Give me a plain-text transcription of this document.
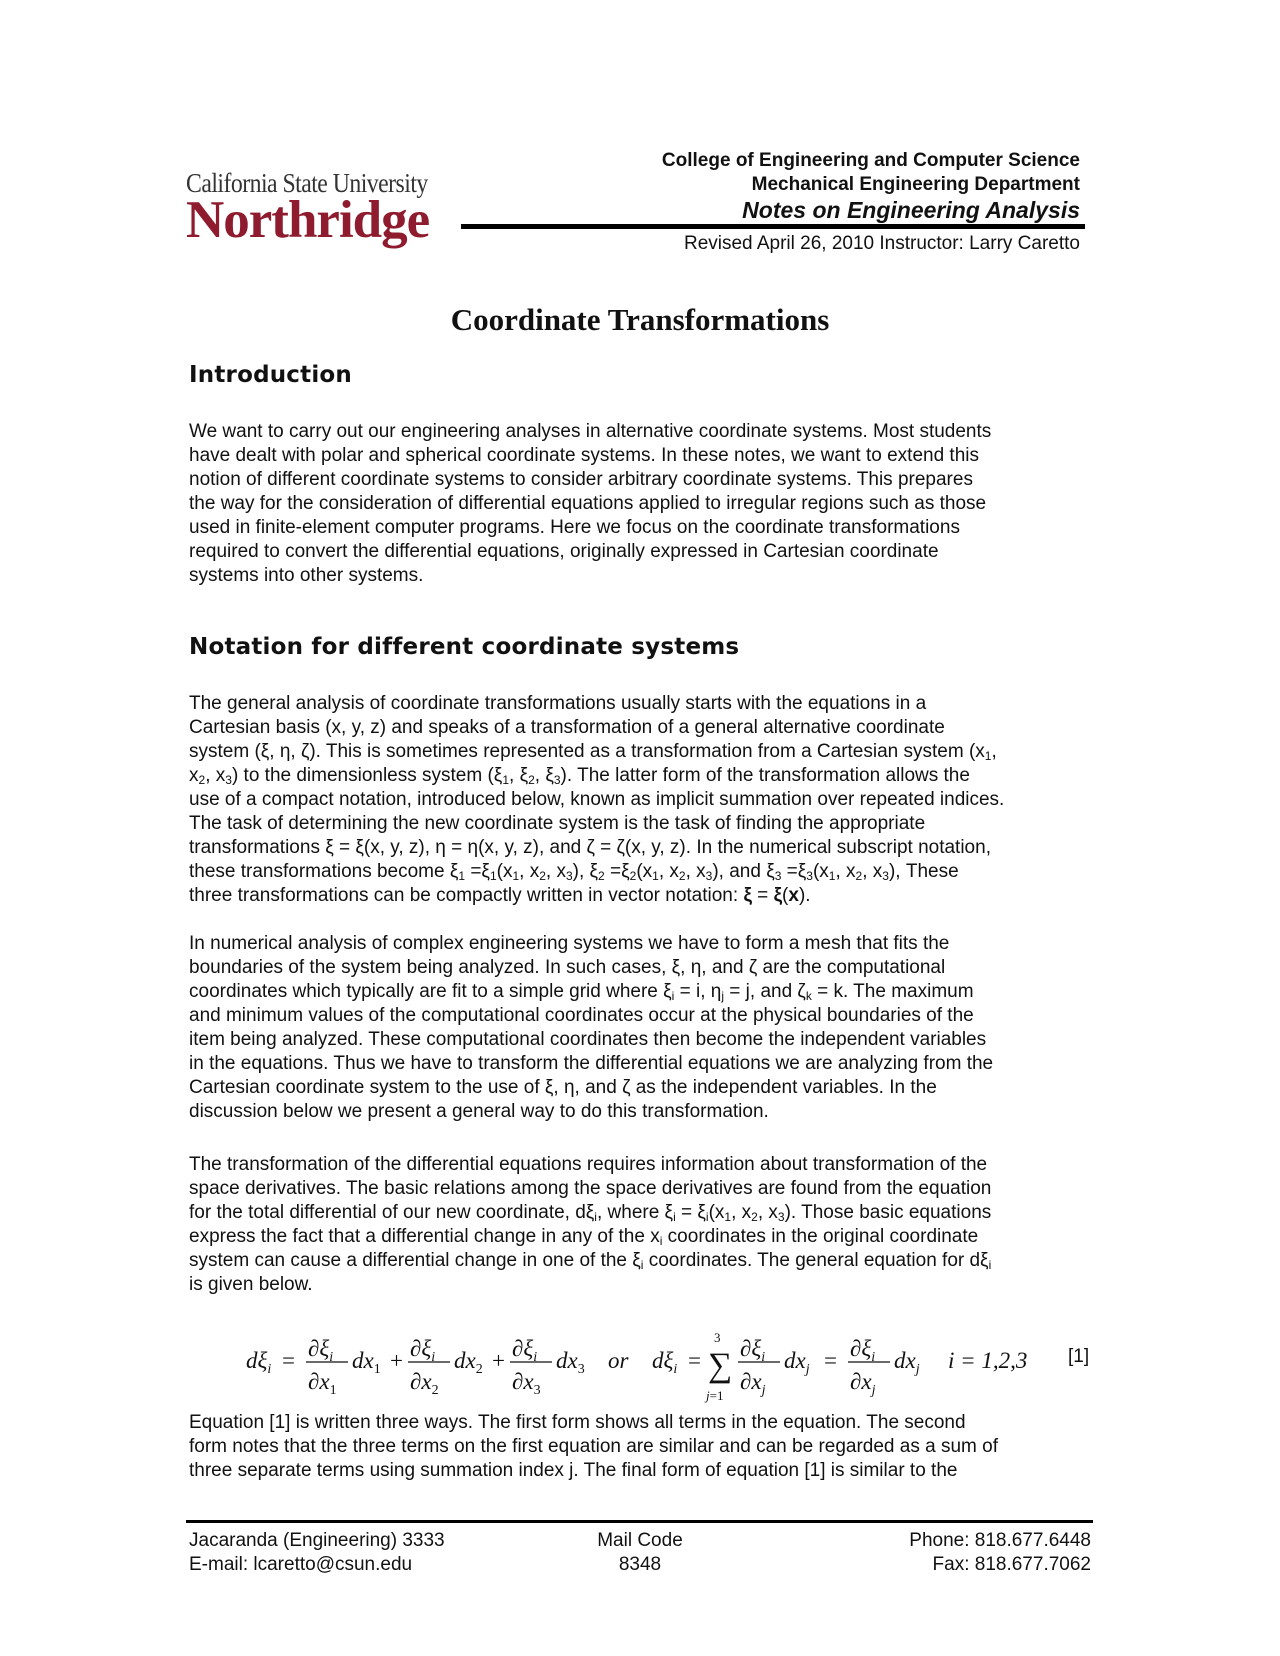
California State University
Northridge
College of Engineering and Computer Science
Mechanical Engineering Department
Notes on Engineering Analysis
Revised April 26, 2010 Instructor: Larry Caretto
Coordinate Transformations
Introduction
We want to carry out our engineering analyses in alternative coordinate systems. Most students
have dealt with polar and spherical coordinate systems. In these notes, we want to extend this
notion of different coordinate systems to consider arbitrary coordinate systems. This prepares
the way for the consideration of differential equations applied to irregular regions such as those
used in finite-element computer programs. Here we focus on the coordinate transformations
required to convert the differential equations, originally expressed in Cartesian coordinate
systems into other systems.
Notation for different coordinate systems
The general analysis of coordinate transformations usually starts with the equations in a
Cartesian basis (x, y, z) and speaks of a transformation of a general alternative coordinate
system (ξ, η, ζ). This is sometimes represented as a transformation from a Cartesian system ($x_1$,
$x_2$, $x_3$) to the dimensionless system ($\xi_1$, $\xi_2$, $\xi_3$). The latter form of the transformation allows the
use of a compact notation, introduced below, known as implicit summation over repeated indices.
The task of determining the new coordinate system is the task of finding the appropriate
transformations ξ = ξ(x, y, z), η = η(x, y, z), and ζ = ζ(x, y, z). In the numerical subscript notation,
these transformations become $\xi_1 =\xi_1(x_1$, $x_2$, $x_3$), $\xi_2 =\xi_2(x_1$, $x_2$, $x_3$), and $\xi_3 =\xi_3(x_1$, $x_2$, $x_3$), These
three transformations can be compactly written in vector notation: ξ = ξ(x).
In numerical analysis of complex engineering systems we have to form a mesh that fits the
boundaries of the system being analyzed. In such cases, ξ, η, and ζ are the computational
coordinates which typically are fit to a simple grid where $\xi_i = i$, $\eta_j = j$, and $\zeta_k = k$. The maximum
and minimum values of the computational coordinates occur at the physical boundaries of the
item being analyzed. These computational coordinates then become the independent variables
in the equations. Thus we have to transform the differential equations we are analyzing from the
Cartesian coordinate system to the use of ξ, η, and ζ as the independent variables. In the
discussion below we present a general way to do this transformation.
The transformation of the differential equations requires information about transformation of the
space derivatives. The basic relations among the space derivatives are found from the equation
for the total differential of our new coordinate, $d\xi_i$, where $\xi_i = \xi_i(x_1$, $x_2$, $x_3$). Those basic equations
express the fact that a differential change in any of the $x_i$ coordinates in the original coordinate
system can cause a differential change in one of the $\xi_i$ coordinates. The general equation for $d\xi_i$
is given below.
$d\xi_i = \partial\xi_i$
$\partial x_1$
$dx_1 + \partial\xi_i$
$\partial x_2$
$dx_2 + \partial\xi_i$
$\partial x_3$
$dx_3$ or $d\xi_i$ =
3
∑
j=1
$\partial\xi_i$
$\partial x_j$
$dx_j = \partial\xi_i$
$\partial x_j$
$dx_j$ i = 1,2,3 [1]
Equation [1] is written three ways. The first form shows all terms in the equation. The second
form notes that the three terms on the first equation are similar and can be regarded as a sum of
three separate terms using summation index j. The final form of equation [1] is similar to the
Jacaranda (Engineering) 3333
E-mail: lcaretto@csun.edu
Mail Code
8348
Phone: 818.677.6448
Fax: 818.677.7062
